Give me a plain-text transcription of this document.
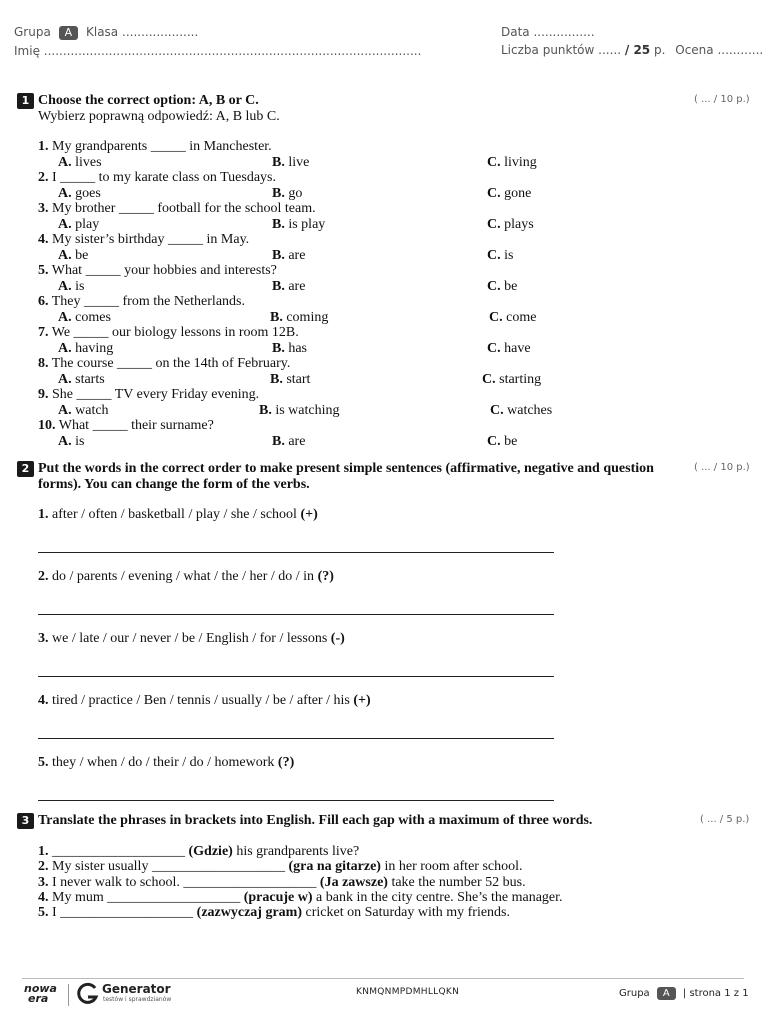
Grupa A Klasa ....................
Imię ...................................................................................................
Data ................
Liczba punktów ...... / 25 p. Ocena ............
1 Choose the correct option: A, B or C.	( ... / 10 p.)
Wybierz poprawną odpowiedź: A, B lub C.
1. My grandparents _____ in Manchester.
A. lives	B. live	C. living
2. I _____ to my karate class on Tuesdays.
A. goes	B. go	C. gone
3. My brother _____ football for the school team.
A. play	B. is play	C. plays
4. My sister’s birthday _____ in May.
A. be	B. are	C. is
5. What _____ your hobbies and interests?
A. is	B. are	C. be
6. They _____ from the Netherlands.
A. comes	B. coming	C. come
7. We _____ our biology lessons in room 12B.
A. having	B. has	C. have
8. The course _____ on the 14th of February.
A. starts	B. start	C. starting
9. She _____ TV every Friday evening.
A. watch	B. is watching	C. watches
10. What _____ their surname?
A. is	B. are	C. be
2 Put the words in the correct order to make present simple sentences (affirmative, negative and question
forms). You can change the form of the verbs.
( ... / 10 p.)
1. after / often / basketball / play / she / school (+)
2. do / parents / evening / what / the / her / do / in (?)
3. we / late / our / never / be / English / for / lessons (-)
4. tired / practice / Ben / tennis / usually / be / after / his (+)
5. they / when / do / their / do / homework (?)
3 Translate the phrases in brackets into English. Fill each gap with a maximum of three words.	( ... / 5 p.)
1. ___________________ (Gdzie) his grandparents live?
2. My sister usually ___________________ (gra na gitarze) in her room after school.
3. I never walk to school. ___________________ (Ja zawsze) take the number 52 bus.
4. My mum ___________________ (pracuje w) a bank in the city centre. She’s the manager.
5. I ___________________ (zazwyczaj gram) cricket on Saturday with my friends.
nowa
era
Generator
testów i sprawdzianów
KNMQNMPDMHLLQKN	Grupa A | strona 1 z 1
